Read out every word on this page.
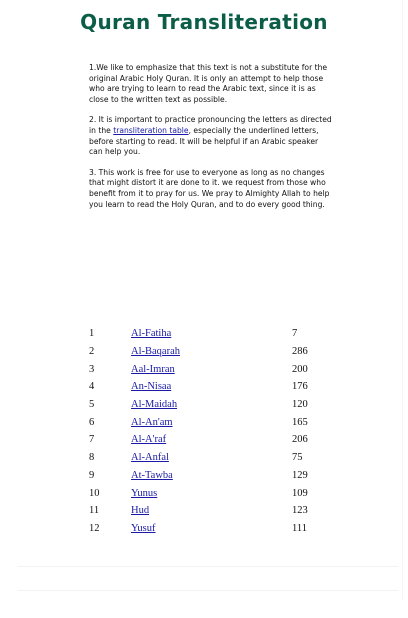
Quran Transliteration

1.We like to emphasize that this text is not a substitute for the original Arabic Holy Quran. It is only an attempt to help those who are trying to learn to read the Arabic text, since it is as close to the written text as possible.

2. It is important to practice pronouncing the letters as directed in the transliteration table, especially the underlined letters, before starting to read. It will be helpful if an Arabic speaker can help you.

3. This work is free for use to everyone as long as no changes that might distort it are done to it. we request from those who benefit from it to pray for us. We pray to Almighty Allah to help you learn to read the Holy Quran, and to do every good thing.

1	Al-Fatiha	7
2	Al-Baqarah	286
3	Aal-Imran	200
4	An-Nisaa	176
5	Al-Maidah	120
6	Al-An'am	165
7	Al-A'raf	206
8	Al-Anfal	75
9	At-Tawba	129
10	Yunus	109
11	Hud	123
12	Yusuf	111
